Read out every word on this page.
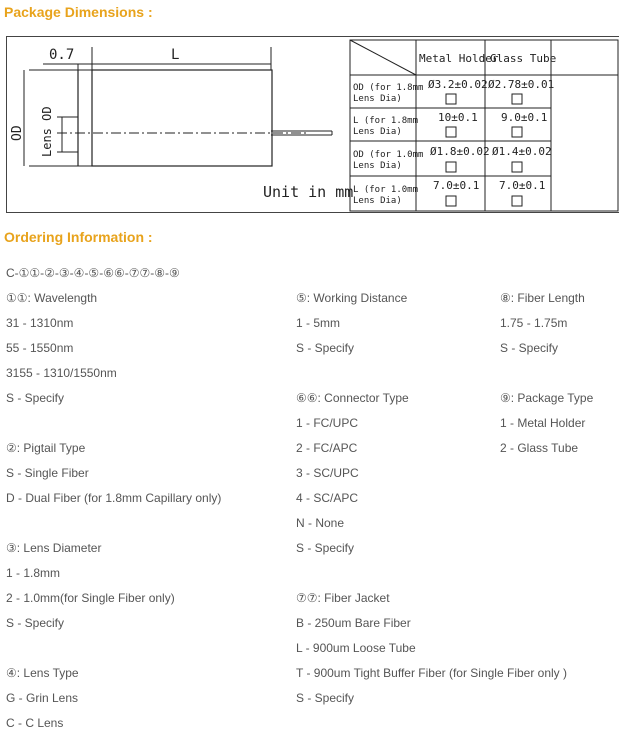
Package Dimensions :
0.7	L
OD Lens OD
Unit in mm
Metal Holder
Glass Tube
OD (for 1.8mm
Lens Dia)
Ø3.2±0.02 Ø2.78±0.01
L (for 1.8mm
Lens Dia)
10±0.1 9.0±0.1
OD (for 1.0mm
Lens Dia)
Ø1.8±0.02 Ø1.4±0.02
L (for 1.0mm
Lens Dia)
7.0±0.1 7.0±0.1
Ordering Information :
C-①①-②-③-④-⑤-⑥⑥-⑦⑦-⑧-⑨
①①: Wavelength
31 - 1310nm
55 - 1550nm
3155 - 1310/1550nm
S - Specify
②: Pigtail Type
S - Single Fiber
D - Dual Fiber (for 1.8mm Capillary only)
③: Lens Diameter
1 - 1.8mm
2 - 1.0mm(for Single Fiber only)
S - Specify
④: Lens Type
G - Grin Lens
C - C Lens
⑤: Working Distance
1 - 5mm
S - Specify
⑥⑥: Connector Type
1 - FC/UPC
2 - FC/APC
3 - SC/UPC
4 - SC/APC
N - None
S - Specify
⑦⑦: Fiber Jacket
B - 250um Bare Fiber
L - 900um Loose Tube
T - 900um Tight Buffer Fiber (for Single Fiber only )
S - Specify
⑧: Fiber Length
1.75 - 1.75m
S - Specify
⑨: Package Type
1 - Metal Holder
2 - Glass Tube
